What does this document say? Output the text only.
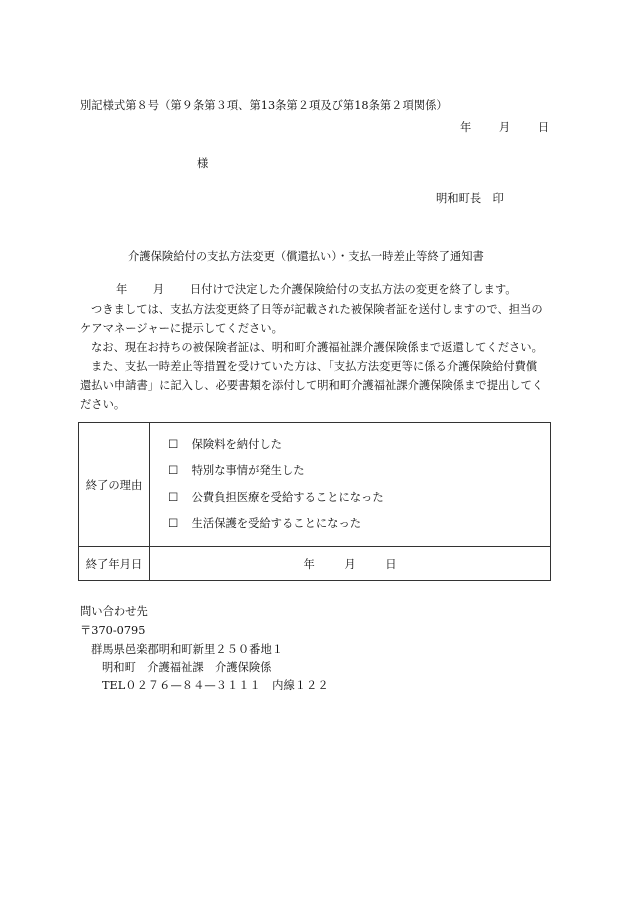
別記様式第８号（第９条第３項、第13条第２項及び第18条第２項関係）
年 月 日
様
明和町長　印
介護保険給付の支払方法変更（償還払い）・支払一時差止等終了通知書
年 月 日付けで決定した介護保険給付の支払方法の変更を終了します。
つきましては、支払方法変更終了日等が記載された被保険者証を送付しますので、担当の
ケアマネージャーに提示してください。
なお、現在お持ちの被保険者証は、明和町介護福祉課介護保険係まで返還してください。
また、支払一時差止等措置を受けていた方は、「支払方法変更等に係る介護保険給付費償
還払い申請書」に記入し、必要書類を添付して明和町介護福祉課介護保険係まで提出してく
ださい。
終了の理由	☐ 保険料を納付した
☐ 特別な事情が発生した
☐ 公費負担医療を受給することになった
☐ 生活保護を受給することになった

終了年月日	年 月 日
問い合わせ先
〒370-0795
群馬県邑楽郡明和町新里２５０番地１
明和町　介護福祉課　介護保険係
TEL０２７６—８４—３１１１　内線１２２
